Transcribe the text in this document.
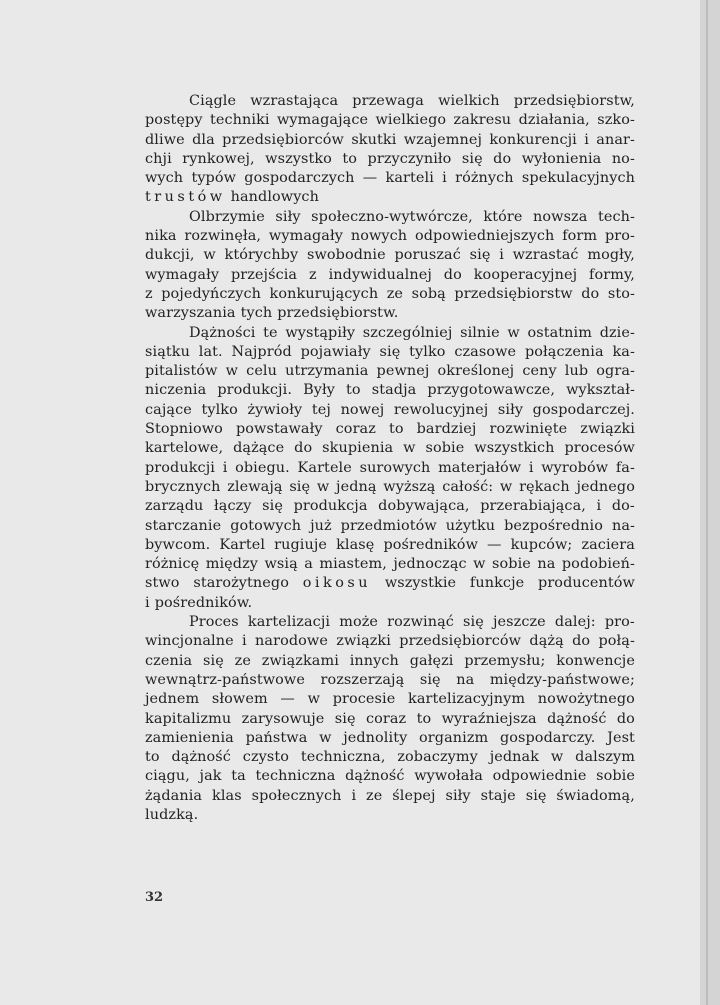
Ciągle wzrastająca przewaga wielkich przedsiębiorstw,
postępy techniki wymagające wielkiego zakresu działania, szko-
dliwe dla przedsiębiorców skutki wzajemnej konkurencji i anar-
chji rynkowej, wszystko to przyczyniło się do wyłonienia no-
wych typów gospodarczych — karteli i różnych spekulacyjnych
trustów handlowych
Olbrzymie siły społeczno-wytwórcze, które nowsza tech-
nika rozwinęła, wymagały nowych odpowiedniejszych form pro-
dukcji, w którychby swobodnie poruszać się i wzrastać mogły,
wymagały przejścia z indywidualnej do kooperacyjnej formy,
z pojedyńczych konkurujących ze sobą przedsiębiorstw do sto-
warzyszania tych przedsiębiorstw.
Dążności te wystąpiły szczególniej silnie w ostatnim dzie-
siątku lat. Najpród pojawiały się tylko czasowe połączenia ka-
pitalistów w celu utrzymania pewnej określonej ceny lub ogra-
niczenia produkcji. Były to stadja przygotowawcze, wykształ-
cające tylko żywioły tej nowej rewolucyjnej siły gospodarczej.
Stopniowo powstawały coraz to bardziej rozwinięte związki
kartelowe, dążące do skupienia w sobie wszystkich procesów
produkcji i obiegu. Kartele surowych materjałów i wyrobów fa-
brycznych zlewają się w jedną wyższą całość: w rękach jednego
zarządu łączy się produkcja dobywająca, przerabiająca, i do-
starczanie gotowych już przedmiotów użytku bezpośrednio na-
bywcom. Kartel rugiuje klasę pośredników — kupców; zaciera
różnicę między wsią a miastem, jednocząc w sobie na podobień-
stwo starożytnego oikosu wszystkie funkcje producentów
i pośredników.
Proces kartelizacji może rozwinąć się jeszcze dalej: pro-
wincjonalne i narodowe związki przedsiębiorców dążą do połą-
czenia się ze związkami innych gałęzi przemysłu; konwencje
wewnątrz-państwowe rozszerzają się na między-państwowe;
jednem słowem — w procesie kartelizacyjnym nowożytnego
kapitalizmu zarysowuje się coraz to wyraźniejsza dążność do
zamienienia państwa w jednolity organizm gospodarczy. Jest
to dążność czysto techniczna, zobaczymy jednak w dalszym
ciągu, jak ta techniczna dążność wywołała odpowiednie sobie
żądania klas społecznych i ze ślepej siły staje się świadomą,
ludzką.
32
